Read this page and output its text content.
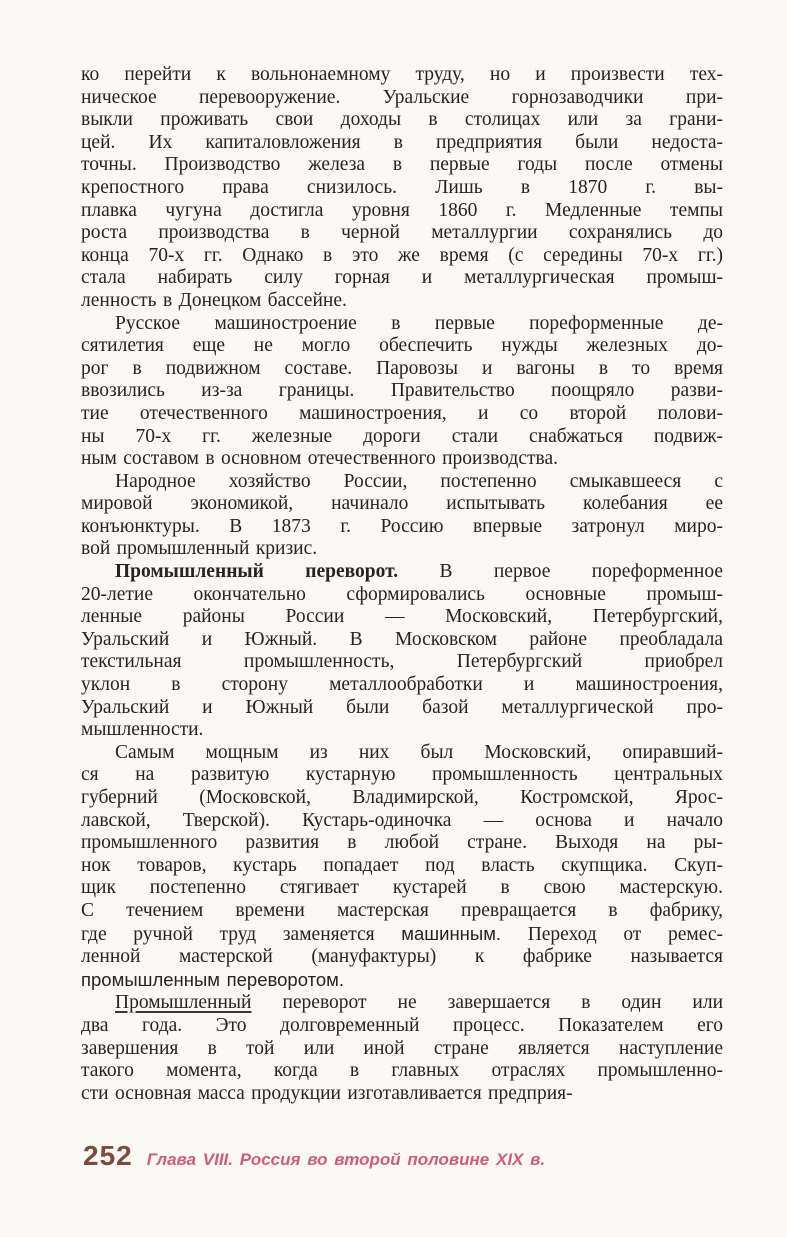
ко перейти к вольнонаемному труду, но и произвести тех-
ническое перевооружение. Уральские горнозаводчики при-
выкли проживать свои доходы в столицах или за грани-
цей. Их капиталовложения в предприятия были недоста-
точны. Производство железа в первые годы после отмены
крепостного права снизилось. Лишь в 1870 г. вы-
плавка чугуна достигла уровня 1860 г. Медленные темпы
роста производства в черной металлургии сохранялись до
конца 70-х гг. Однако в это же время (с середины 70-х гг.)
стала набирать силу горная и металлургическая промыш-
ленность в Донецком бассейне.
Русское машиностроение в первые пореформенные де-
сятилетия еще не могло обеспечить нужды железных до-
рог в подвижном составе. Паровозы и вагоны в то время
ввозились из-за границы. Правительство поощряло разви-
тие отечественного машиностроения, и со второй полови-
ны 70-х гг. железные дороги стали снабжаться подвиж-
ным составом в основном отечественного производства.
Народное хозяйство России, постепенно смыкавшееся с
мировой экономикой, начинало испытывать колебания ее
конъюнктуры. В 1873 г. Россию впервые затронул миро-
вой промышленный кризис.
Промышленный переворот. В первое пореформенное
20-летие окончательно сформировались основные промыш-
ленные районы России — Московский, Петербургский,
Уральский и Южный. В Московском районе преобладала
текстильная промышленность, Петербургский приобрел
уклон в сторону металлообработки и машиностроения,
Уральский и Южный были базой металлургической про-
мышленности.
Самым мощным из них был Московский, опиравший-
ся на развитую кустарную промышленность центральных
губерний (Московской, Владимирской, Костромской, Ярос-
лавской, Тверской). Кустарь-одиночка — основа и начало
промышленного развития в любой стране. Выходя на ры-
нок товаров, кустарь попадает под власть скупщика. Скуп-
щик постепенно стягивает кустарей в свою мастерскую.
С течением времени мастерская превращается в фабрику,
где ручной труд заменяется машинным. Переход от ремес-
ленной мастерской (мануфактуры) к фабрике называется
промышленным переворотом.
Промышленный переворот не завершается в один или
два года. Это долговременный процесс. Показателем его
завершения в той или иной стране является наступление
такого момента, когда в главных отраслях промышленно-
сти основная масса продукции изготавливается предприя-
252 Глава VIII. Россия во второй половине XIX в.
